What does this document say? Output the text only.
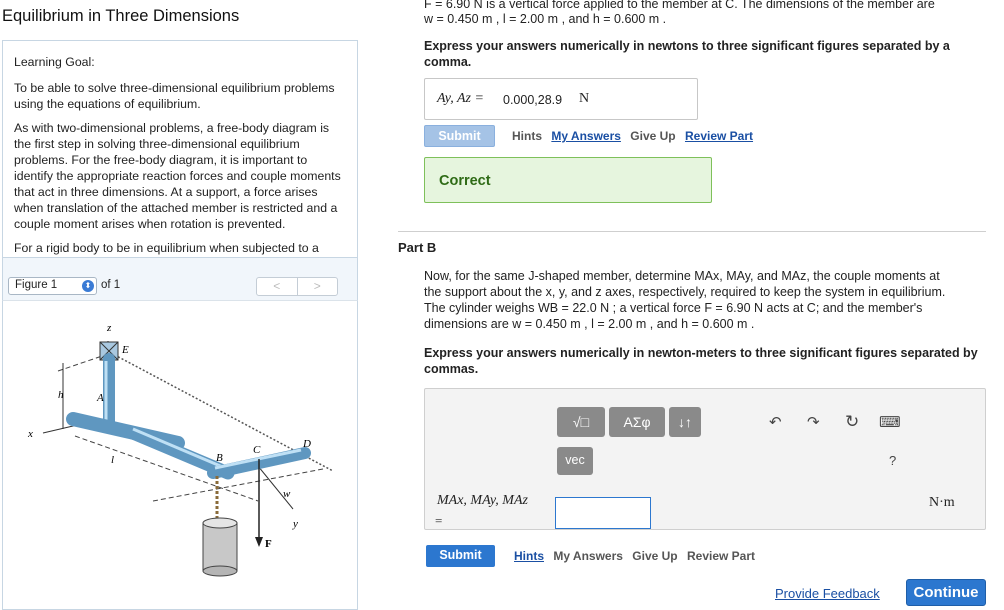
Equilibrium in Three Dimensions
Learning Goal:

To be able to solve three-dimensional equilibrium problems using the equations of equilibrium.

As with two-dimensional problems, a free-body diagram is the first step in solving three-dimensional equilibrium problems. For the free-body diagram, it is important to identify the appropriate reaction forces and couple moments that act in three dimensions. At a support, a force arises when translation of the attached member is restricted and a couple moment arises when rotation is prevented.

For a rigid body to be in equilibrium when subjected to a

Figure 1	⬍ of 1	<	>
z
E
h	A
x
l	B
C	D
w
y
F
F = 6.90 N is a vertical force applied to the member at C. The dimensions of the member are
w = 0.450 m , l = 2.00 m , and h = 0.600 m .
Express your answers numerically in newtons to three significant figures separated by a comma.
Ay, Az = 0.000,28.9 N
Submit	Hints My Answers Give Up Review Part
Correct
Part B
Now, for the same J-shaped member, determine MAx, MAy, and MAz, the couple moments at
the support about the x, y, and z axes, respectively, required to keep the system in equilibrium.
The cylinder weighs WB = 22.0 N ; a vertical force F = 6.90 N acts at C; and the member's
dimensions are w = 0.450 m , l = 2.00 m , and h = 0.600 m .
Express your answers numerically in newton-meters to three significant figures separated by commas.
√□	ΑΣφ	↓↑
vec
↶ ↷ ↻ ⌨
?
MAx, MAy, MAz
=
N·m
Submit	Hints My Answers Give Up Review Part
Provide Feedback	Continue
